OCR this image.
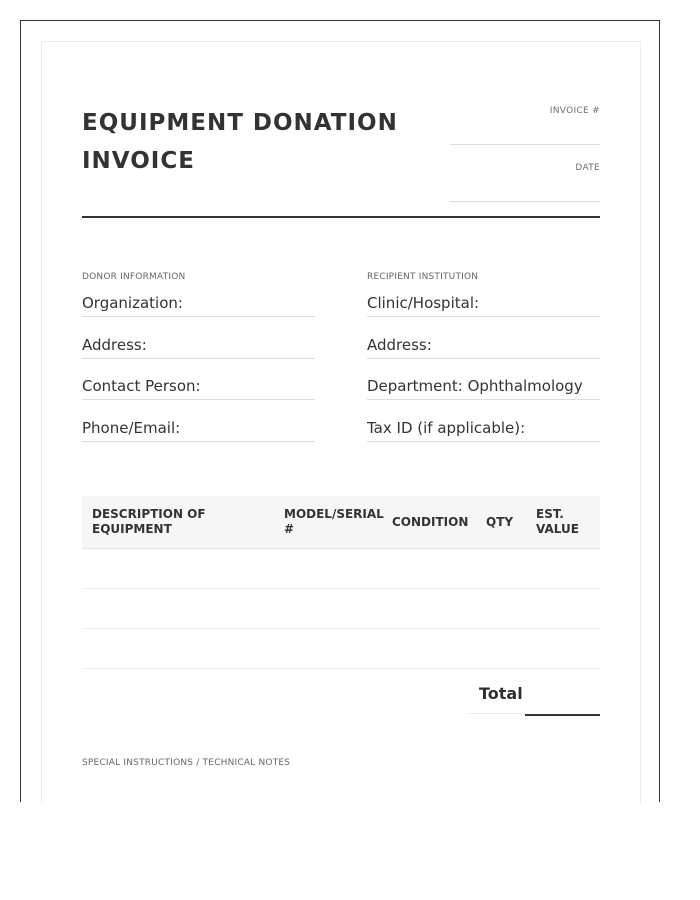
EQUIPMENT DONATION INVOICE
INVOICE #
DATE
DONOR INFORMATION
Organization:
Address:
Contact Person:
Phone/Email:
RECIPIENT INSTITUTION
Clinic/Hospital:
Address:
Department: Ophthalmology
Tax ID (if applicable):
DESCRIPTION OF EQUIPMENT	MODEL/SERIAL #	CONDITION	QTY	EST. VALUE

Total
SPECIAL INSTRUCTIONS / TECHNICAL NOTES
